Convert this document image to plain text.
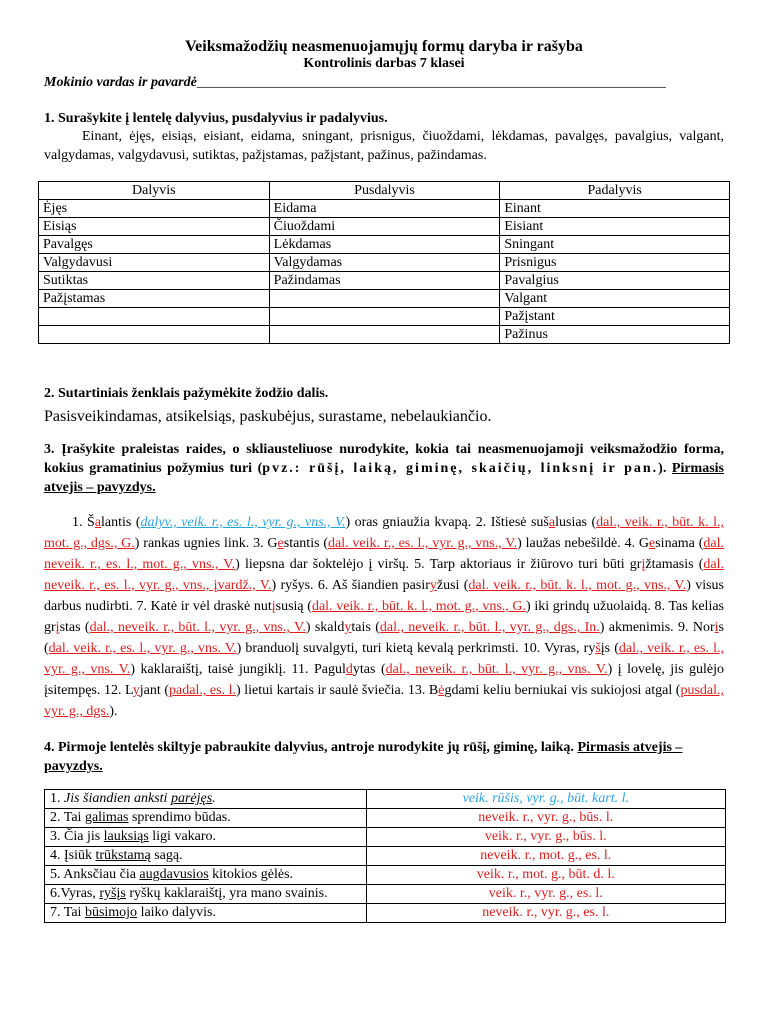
Veiksmažodžių neasmenuojamųjų formų daryba ir rašyba
Kontrolinis darbas 7 klasei
Mokinio vardas ir pavardė___________________________________________________________________
1. Surašykite į lentelę dalyvius, pusdalyvius ir padalyvius.
Einant, ėjęs, eisiąs, eisiant, eidama, sningant, prisnigus, čiuoždami, lėkdamas, pavalgęs, pavalgius, valgant, valgydamas, valgydavusi, sutiktas, pažįstamas, pažįstant, pažinus, pažindamas.
Dalyvis	Pusdalyvis	Padalyvis
Ėjęs	Eidama	Einant
Eisiąs	Čiuoždami	Eisiant
Pavalgęs	Lėkdamas	Sningant
Valgydavusi	Valgydamas	Prisnigus
Sutiktas	Pažindamas	Pavalgius
Pažįstamas		Valgant
		Pažįstant
		Pažinus
2. Sutartiniais ženklais pažymėkite žodžio dalis.
Pasisveikindamas, atsikelsiąs, paskubėjus, surastame, nebelaukiančio.
3. Įrašykite praleistas raides, o skliausteliuose nurodykite, kokia tai neasmenuojamoji veiksmažodžio forma, kokius gramatinius požymius turi (pvz.: rūšį, laiką, giminę, skaičių, linksnį ir pan.). Pirmasis atvejis – pavyzdys.
1. Šalantis (dalyv., veik. r., es. l., vyr. g., vns., V.) oras gniaužia kvapą. 2. Ištiesė sušalusias (dal., veik. r., būt. k. l., mot. g., dgs., G.) rankas ugnies link. 3. Gestantis (dal. veik. r., es. l., vyr. g., vns., V.) laužas nebešildė. 4. Gesinama (dal. neveik. r., es. l., mot. g., vns., V.) liepsna dar šoktelėjo į viršų. 5. Tarp aktoriaus ir žiūrovo turi būti grįžtamasis (dal. neveik. r., es. l., vyr. g., vns., įvardž., V.) ryšys. 6. Aš šiandien pasiryžusi (dal. veik. r., būt. k. l., mot. g., vns., V.) visus darbus nudirbti. 7. Katė ir vėl draskė nutįsusią (dal. veik. r., būt. k. l., mot. g., vns., G.) iki grindų užuolaidą. 8. Tas kelias grįstas (dal., neveik. r., būt. l., vyr. g., vns., V.) skaldytais (dal., neveik. r., būt. l., vyr. g., dgs., In.) akmenimis. 9. Noris (dal. veik. r., es. l., vyr. g., vns. V.) branduolį suvalgyti, turi kietą kevalą perkrimsti. 10. Vyras, ryšįs (dal., veik. r., es. l., vyr. g., vns. V.) kaklaraištį, taisė jungiklį. 11. Paguldytas (dal., neveik. r., būt. l., vyr. g., vns. V.) į lovelę, jis gulėjo įsitempęs. 12. Lyjant (padal., es. l.) lietui kartais ir saulė šviečia. 13. Bėgdami keliu berniukai vis sukiojosi atgal (pusdal., vyr. g., dgs.).
4. Pirmoje lentelės skiltyje pabraukite dalyvius, antroje nurodykite jų rūšį, giminę, laiką. Pirmasis atvejis – pavyzdys.
1. Jis šiandien anksti parėjęs.	veik. rūšis, vyr. g., būt. kart. l.
2. Tai galimas sprendimo būdas.	neveik. r., vyr. g., būs. l.
3. Čia jis lauksiąs ligi vakaro.	veik. r., vyr. g., būs. l.
4. Įsiūk trūkstamą sagą.	neveik. r., mot. g., es. l.
5. Anksčiau čia augdavusios kitokios gėlės.	veik. r., mot. g., būt. d. l.
6.Vyras, ryšįs ryškų kaklaraištį, yra mano svainis.	veik. r., vyr. g., es. l.
7. Tai būsimojo laiko dalyvis.	neveik. r., vyr. g., es. l.
